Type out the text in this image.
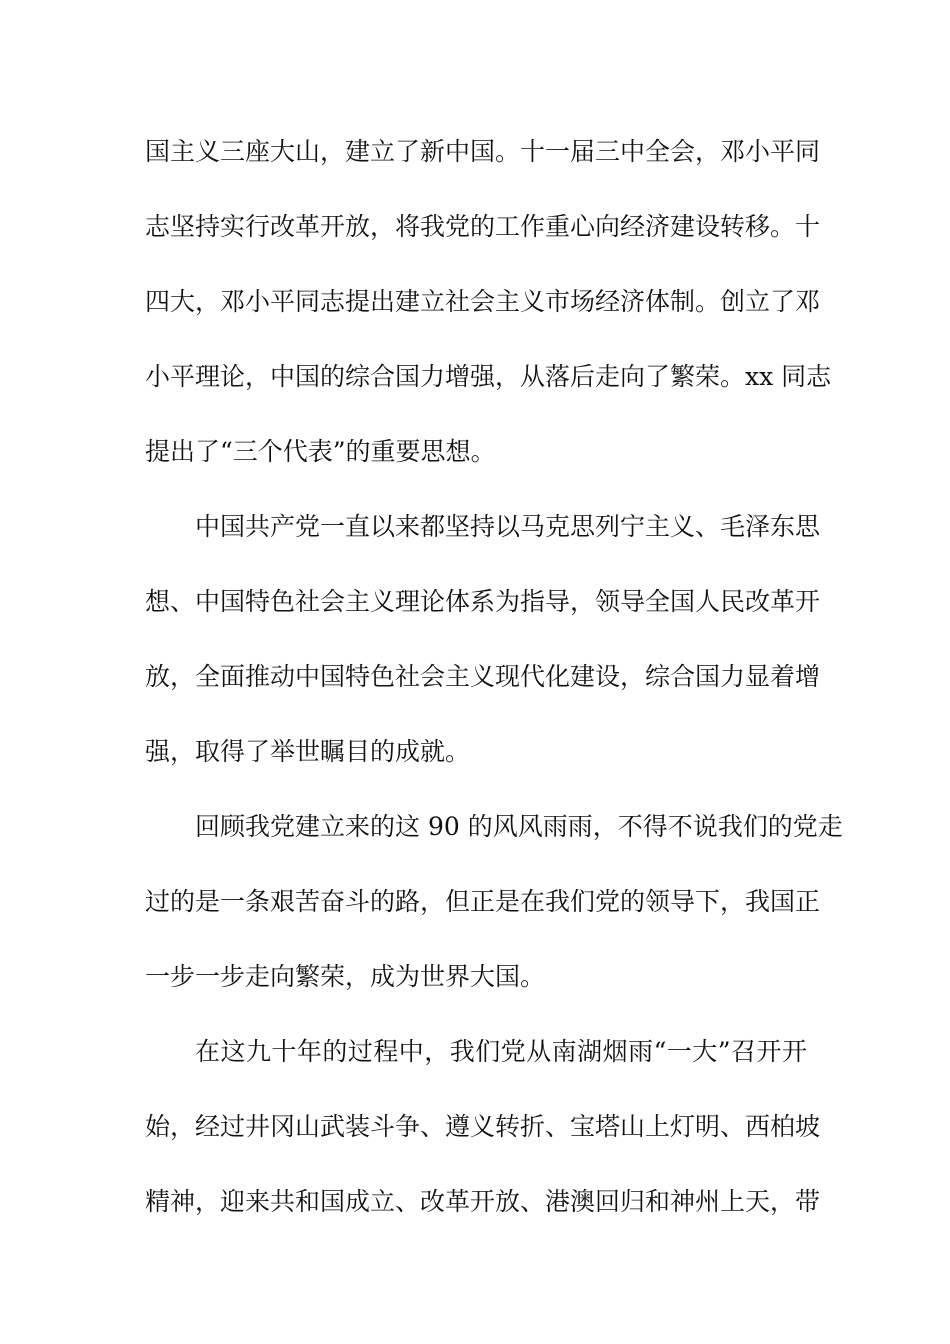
国主义三座大山，建立了新中国。十一届三中全会，邓小平同
志坚持实行改革开放，将我党的工作重心向经济建设转移。十
四大，邓小平同志提出建立社会主义市场经济体制。创立了邓
小平理论，中国的综合国力增强，从落后走向了繁荣。xx 同志
提出了“三个代表”的重要思想。
中国共产党一直以来都坚持以马克思列宁主义、毛泽东思
想、中国特色社会主义理论体系为指导，领导全国人民改革开
放，全面推动中国特色社会主义现代化建设，综合国力显着增
强，取得了举世瞩目的成就。
回顾我党建立来的这 90 的风风雨雨，不得不说我们的党走
过的是一条艰苦奋斗的路，但正是在我们党的领导下，我国正
一步一步走向繁荣，成为世界大国。
在这九十年的过程中，我们党从南湖烟雨“一大”召开开
始，经过井冈山武装斗争、遵义转折、宝塔山上灯明、西柏坡
精神，迎来共和国成立、改革开放、港澳回归和神州上天，带
